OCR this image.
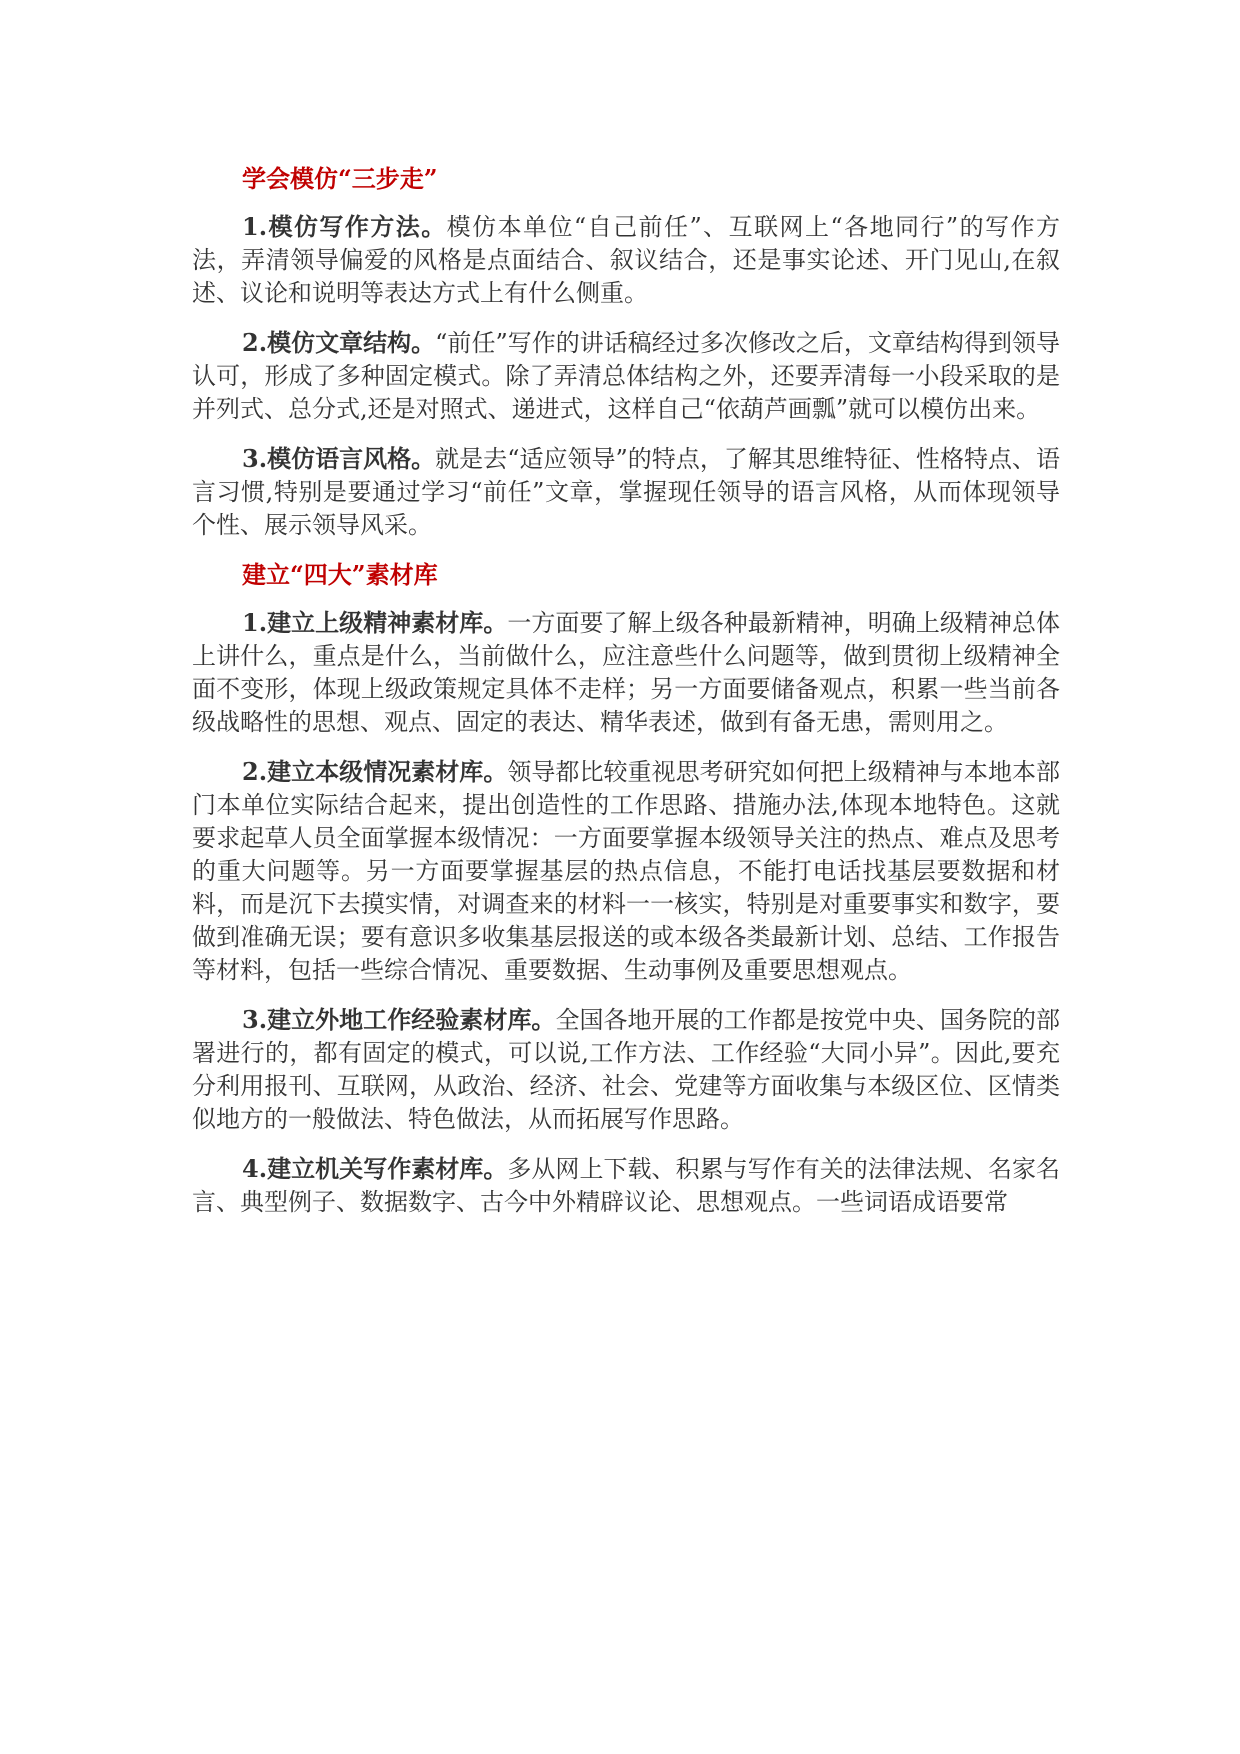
学会模仿“三步走”

1.模仿写作方法。模仿本单位“自己前任”、互联网上“各地同行”的写作方法，弄清领导偏爱的风格是点面结合、叙议结合，还是事实论述、开门见山,在叙述、议论和说明等表达方式上有什么侧重。

2.模仿文章结构。“前任”写作的讲话稿经过多次修改之后，文章结构得到领导认可，形成了多种固定模式。除了弄清总体结构之外，还要弄清每一小段采取的是并列式、总分式,还是对照式、递进式，这样自己“依葫芦画瓢”就可以模仿出来。

3.模仿语言风格。就是去“适应领导”的特点，了解其思维特征、性格特点、语言习惯,特别是要通过学习“前任”文章，掌握现任领导的语言风格，从而体现领导个性、展示领导风采。

建立“四大”素材库

1.建立上级精神素材库。一方面要了解上级各种最新精神，明确上级精神总体上讲什么，重点是什么，当前做什么，应注意些什么问题等，做到贯彻上级精神全面不变形，体现上级政策规定具体不走样；另一方面要储备观点，积累一些当前各级战略性的思想、观点、固定的表达、精华表述，做到有备无患，需则用之。

2.建立本级情况素材库。领导都比较重视思考研究如何把上级精神与本地本部门本单位实际结合起来，提出创造性的工作思路、措施办法,体现本地特色。这就要求起草人员全面掌握本级情况：一方面要掌握本级领导关注的热点、难点及思考的重大问题等。另一方面要掌握基层的热点信息，不能打电话找基层要数据和材料，而是沉下去摸实情，对调查来的材料一一核实，特别是对重要事实和数字，要做到准确无误；要有意识多收集基层报送的或本级各类最新计划、总结、工作报告等材料，包括一些综合情况、重要数据、生动事例及重要思想观点。

3.建立外地工作经验素材库。全国各地开展的工作都是按党中央、国务院的部署进行的，都有固定的模式，可以说,工作方法、工作经验“大同小异”。因此,要充分利用报刊、互联网，从政治、经济、社会、党建等方面收集与本级区位、区情类似地方的一般做法、特色做法，从而拓展写作思路。

4.建立机关写作素材库。多从网上下载、积累与写作有关的法律法规、名家名言、典型例子、数据数字、古今中外精辟议论、思想观点。一些词语成语要常
